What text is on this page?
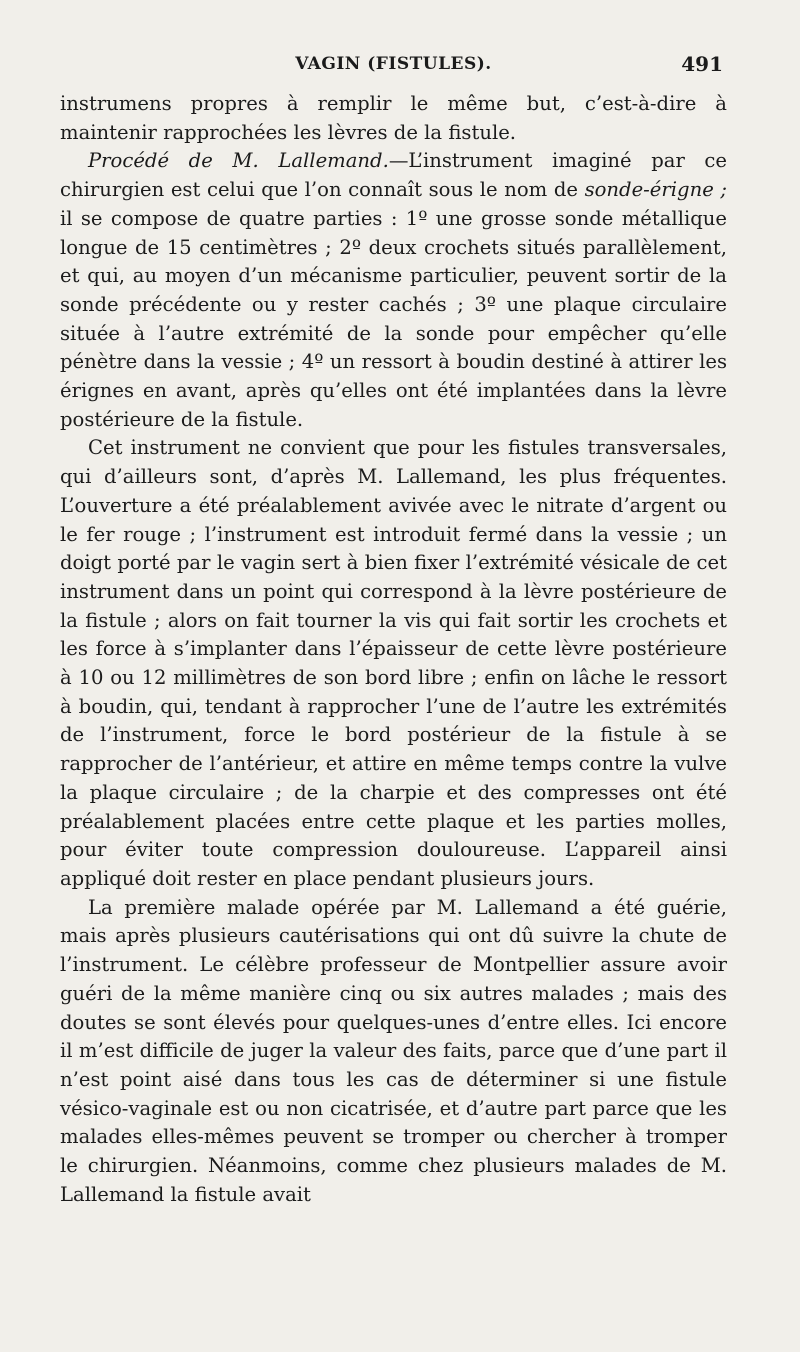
VAGIN (FISTULES).	491

instrumens propres à remplir le même but, c’est-à-dire à maintenir rapprochées les lèvres de la fistule.

Procédé de M. Lallemand.—L’instrument imaginé par ce chirurgien est celui que l’on connaît sous le nom de sonde-érigne ; il se compose de quatre parties : 1º une grosse sonde métallique longue de 15 centimètres ; 2º deux crochets situés parallèlement, et qui, au moyen d’un mécanisme particulier, peuvent sortir de la sonde précédente ou y rester cachés ; 3º une plaque circulaire située à l’autre extrémité de la sonde pour empêcher qu’elle pénètre dans la vessie ; 4º un ressort à boudin destiné à attirer les érignes en avant, après qu’elles ont été implantées dans la lèvre postérieure de la fistule.

Cet instrument ne convient que pour les fistules transversales, qui d’ailleurs sont, d’après M. Lallemand, les plus fréquentes. L’ouverture a été préalablement avivée avec le nitrate d’argent ou le fer rouge ; l’instrument est introduit fermé dans la vessie ; un doigt porté par le vagin sert à bien fixer l’extrémité vésicale de cet instrument dans un point qui correspond à la lèvre postérieure de la fistule ; alors on fait tourner la vis qui fait sortir les crochets et les force à s’implanter dans l’épaisseur de cette lèvre postérieure à 10 ou 12 millimètres de son bord libre ; enfin on lâche le ressort à boudin, qui, tendant à rapprocher l’une de l’autre les extrémités de l’instrument, force le bord postérieur de la fistule à se rapprocher de l’antérieur, et attire en même temps contre la vulve la plaque circulaire ; de la charpie et des compresses ont été préalablement placées entre cette plaque et les parties molles, pour éviter toute compression douloureuse. L’appareil ainsi appliqué doit rester en place pendant plusieurs jours.

La première malade opérée par M. Lallemand a été guérie, mais après plusieurs cautérisations qui ont dû suivre la chute de l’instrument. Le célèbre professeur de Montpellier assure avoir guéri de la même manière cinq ou six autres malades ; mais des doutes se sont élevés pour quelques-unes d’entre elles. Ici encore il m’est difficile de juger la valeur des faits, parce que d’une part il n’est point aisé dans tous les cas de déterminer si une fistule vésico-vaginale est ou non cicatrisée, et d’autre part parce que les malades elles-mêmes peuvent se tromper ou chercher à tromper le chirurgien. Néanmoins, comme chez plusieurs malades de M. Lallemand la fistule avait
